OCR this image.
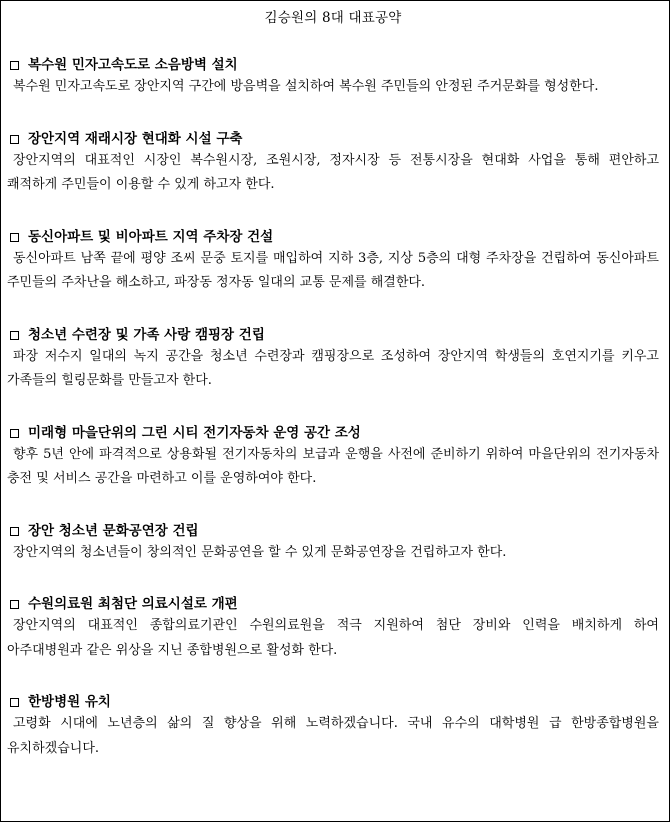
김승원의 8대 대표공약
복수원 민자고속도로 소음방벽 설치

복수원 민자고속도로 장안지역 구간에 방음벽을 설치하여 복수원 주민들의 안정된 주거문화를 형성한다.

장안지역 재래시장 현대화 시설 구축

장안지역의 대표적인 시장인 복수원시장, 조원시장, 정자시장 등 전통시장을 현대화 사업을 통해 편안하고 쾌적하게 주민들이 이용할 수 있게 하고자 한다.

동신아파트 및 비아파트 지역 주차장 건설

동신아파트 남쪽 끝에 평양 조씨 문중 토지를 매입하여 지하 3층, 지상 5층의 대형 주차장을 건립하여 동신아파트 주민들의 주차난을 해소하고, 파장동 정자동 일대의 교통 문제를 해결한다.

청소년 수련장 및 가족 사랑 캠핑장 건립

파장 저수지 일대의 녹지 공간을 청소년 수련장과 캠핑장으로 조성하여 장안지역 학생들의 호연지기를 키우고 가족들의 힐링문화를 만들고자 한다.

미래형 마을단위의 그린 시티 전기자동차 운영 공간 조성

향후 5년 안에 파격적으로 상용화될 전기자동차의 보급과 운행을 사전에 준비하기 위하여 마을단위의 전기자동차 충전 및 서비스 공간을 마련하고 이를 운영하여야 한다.

장안 청소년 문화공연장 건립

장안지역의 청소년들이 창의적인 문화공연을 할 수 있게 문화공연장을 건립하고자 한다.

수원의료원 최첨단 의료시설로 개편

장안지역의 대표적인 종합의료기관인 수원의료원을 적극 지원하여 첨단 장비와 인력을 배치하게 하여 아주대병원과 같은 위상을 지닌 종합병원으로 활성화 한다.

한방병원 유치

고령화 시대에 노년층의 삶의 질 향상을 위해 노력하겠습니다. 국내 유수의 대학병원 급 한방종합병원을 유치하겠습니다.
